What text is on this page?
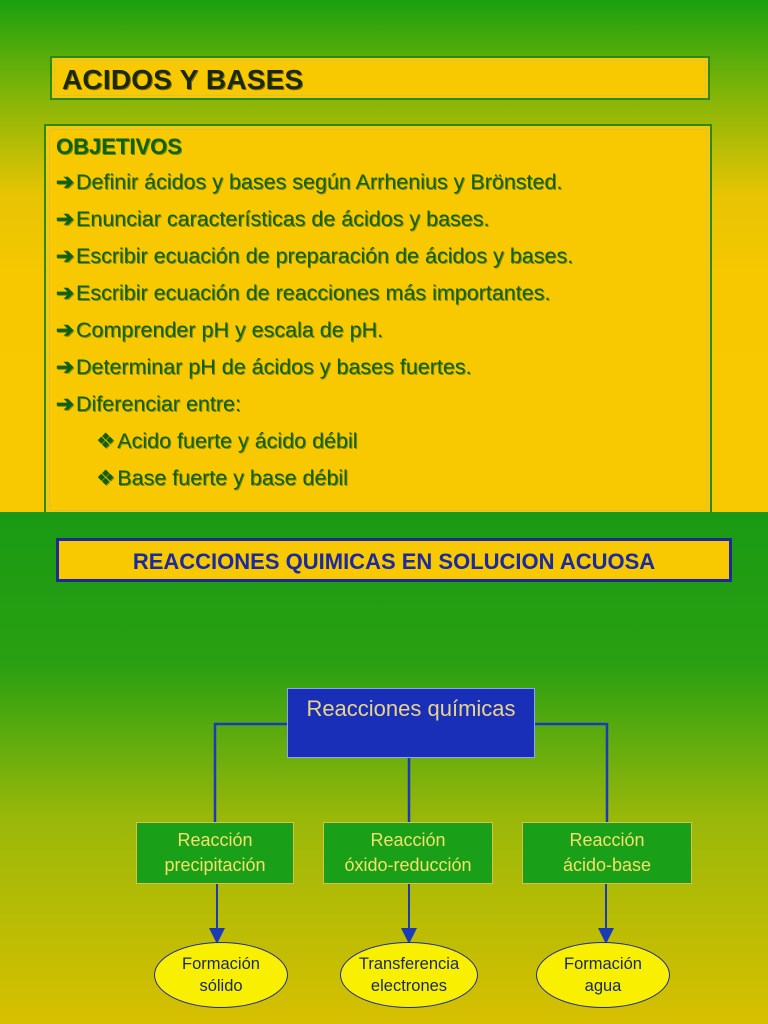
ACIDOS Y BASES
OBJETIVOS
➔Definir ácidos y bases según Arrhenius y Brönsted.
➔Enunciar características de ácidos y bases.
➔Escribir ecuación de preparación de ácidos y bases.
➔Escribir ecuación de reacciones más importantes.
➔Comprender pH y escala de pH.
➔Determinar pH de ácidos y bases fuertes.
➔Diferenciar entre:
❖Acido fuerte y ácido débil
❖Base fuerte y base débil
REACCIONES QUIMICAS EN SOLUCION ACUOSA
Reacciones químicas
Reacción
precipitación
Reacción
óxido-reducción
Reacción
ácido-base
Formación
sólido
Transferencia
electrones
Formación
agua
